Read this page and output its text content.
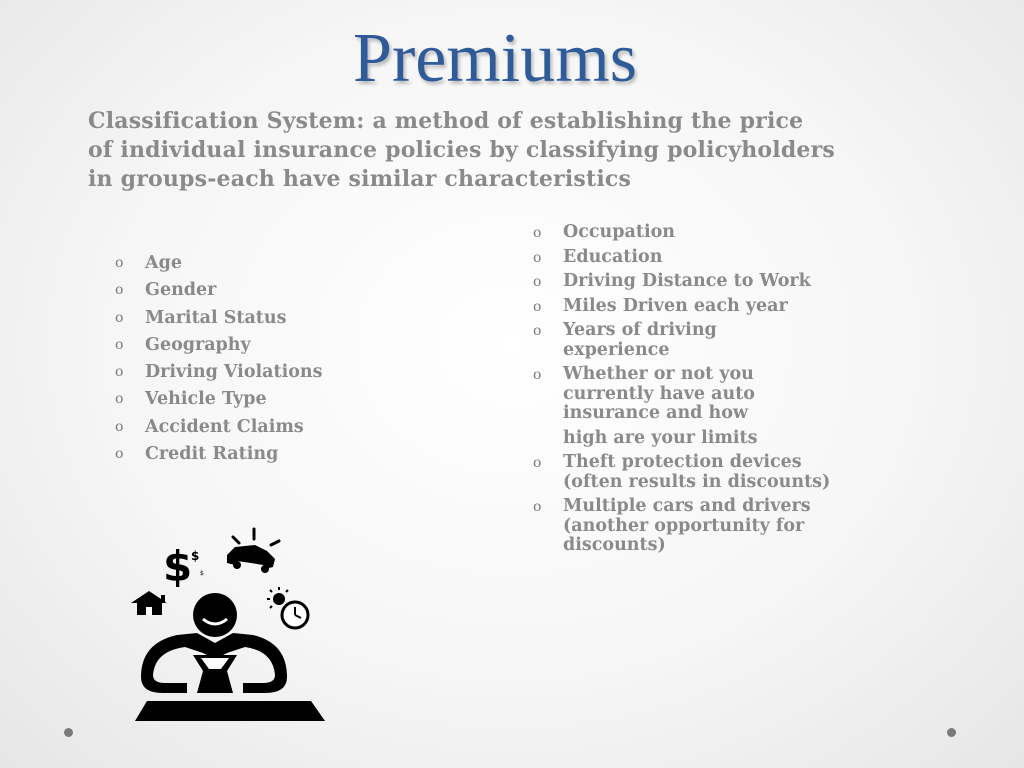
Premiums
Classification System: a method of establishing the price
of individual insurance policies by classifying policyholders
in groups-each have similar characteristics
o Age
o Gender
o Marital Status
o Geography
o Driving Violations
o Vehicle Type
o Accident Claims
o Credit Rating
o Occupation
o Education
o Driving Distance to Work
o Miles Driven each year
o Years of driving
experience
o Whether or not you
currently have auto
insurance and how
high are your limits
o Theft protection devices
(often results in discounts)
o Multiple cars and drivers
(another opportunity for
discounts)
$
$
$
